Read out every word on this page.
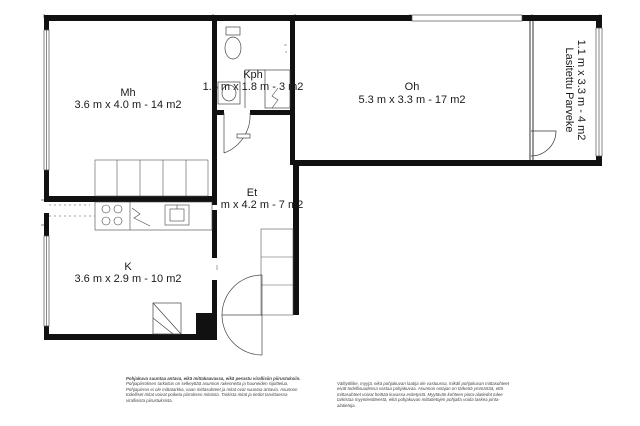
Mh
3.6 m x 4.0 m - 14 m2
Kph
1.6 m x 1.8 m - 3 m2	Oh
5.3 m x 3.3 m - 17 m2
Et
m x 4.2 m - 7 m2
K
3.6 m x 2.9 m - 10 m2
Lasitettu Parveke 1.1 m x 3.3 m - 4 m2
Pohjakuva suuntaa antava, eikä mittakaavassa, eikä perustu virallisiin piirustuksiin.
Pohjapiirroksen tarkoitus on selkeyttää asunnon rakennetta ja huoneiden sijoittelua. Pohjapiirros ei ole mittatarkka, vaan mittasuhteet ja mitat ovat suuntaa antavia. Asunnon todelliset mitat voivat poiketa piirroksen mitoista. Tarkista mitat ja tiedot tarvittaessa virallisista piirustuksista.
Välityöliike, myyjä, eikä pohjakuvan laatija ole vastuussa, mikäli pohjakuvan mittasuhteet eivät todellisuudessa vastaa pohjakuvaa. Asunnon ostajan on tärkeää ymmärtää, että mittasuhteet voivat heittää kuvassa esitetystä. Myytävän kohteen pinta-alatiedot tulee tarkistaa myyntiesitteestä, eikä pohjakuvan mittatietojen pohjalta voida laskea pinta-alatietoja.
